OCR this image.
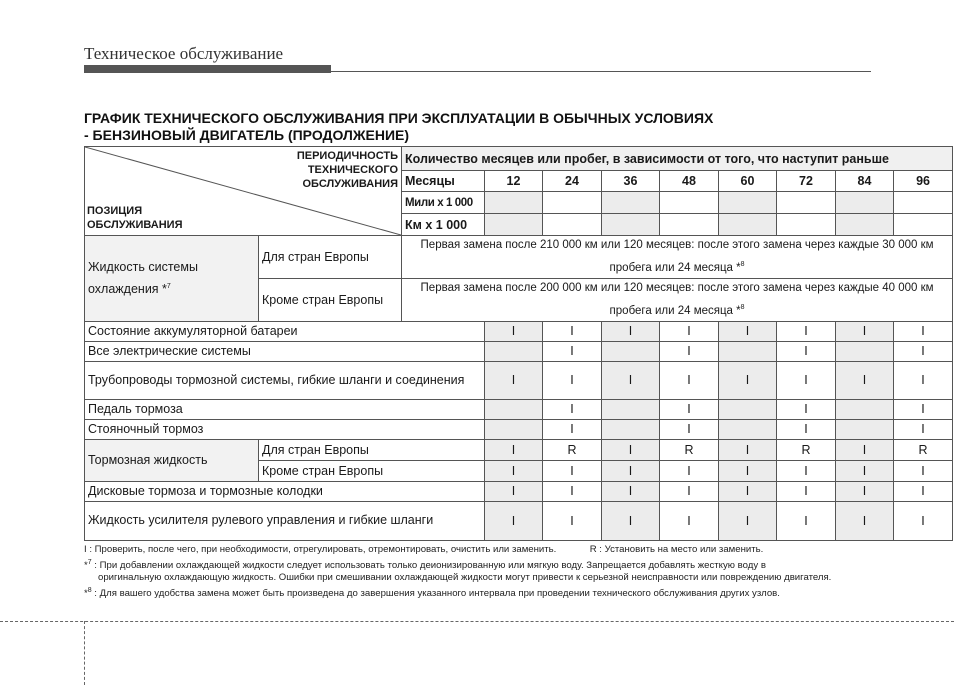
Техническое обслуживание
ГРАФИК ТЕХНИЧЕСКОГО ОБСЛУЖИВАНИЯ ПРИ ЭКСПЛУАТАЦИИ В ОБЫЧНЫХ УСЛОВИЯХ
- БЕНЗИНОВЫЙ ДВИГАТЕЛЬ (ПРОДОЛЖЕНИЕ)
ПЕРИОДИЧНОСТЬ
ТЕХНИЧЕСКОГО
ОБСЛУЖИВАНИЯ
ПОЗИЦИЯ
ОБСЛУЖИВАНИЯ		Количество месяцев или пробег, в зависимости от того, что наступит раньше								
		Месяцы	12	24	36	48	60	72	84	96
		Мили х 1 000								
		Км х 1 000								
Жидкость системы охлаждения *$^7$	Для стран Европы	Первая замена после 210 000 км или 120 месяцев: после этого замена через каждые 30 000 км пробега или 24 месяца *$^8$
	Кроме стран Европы	Первая замена после 200 000 км или 120 месяцев: после этого замена через каждые 40 000 км пробега или 24 месяца *$^8$
Состояние аккумуляторной батареи			I	I	I	I	I	I	I	I
Все электрические системы				I		I		I		I
Трубопроводы тормозной системы, гибкие шланги и соединения			I	I	I	I	I	I	I	I
Педаль тормоза				I		I		I		I
Стояночный тормоз				I		I		I		I
Тормозная жидкость	Для стран Европы		I	R	I	R	I	R	I	R
	Кроме стран Европы		I	I	I	I	I	I	I	I
Дисковые тормоза и тормозные колодки			I	I	I	I	I	I	I	I
Жидкость усилителя рулевого управления и гибкие шланги			I	I	I	I	I	I	I	I

I : Проверить, после чего, при необходимости, отрегулировать, отремонтировать, очистить или заменить.	R : Установить на место или заменить.

*$^7$ : При добавлении охлаждающей жидкости следует использовать только деионизированную или мягкую воду. Запрещается добавлять жесткую воду в

оригинальную охлаждающую жидкость. Ошибки при смешивании охлаждающей жидкости могут привести к серьезной неисправности или повреждению двигателя.

*$^8$ : Для вашего удобства замена может быть произведена до завершения указанного интервала при проведении технического обслуживания других узлов.
